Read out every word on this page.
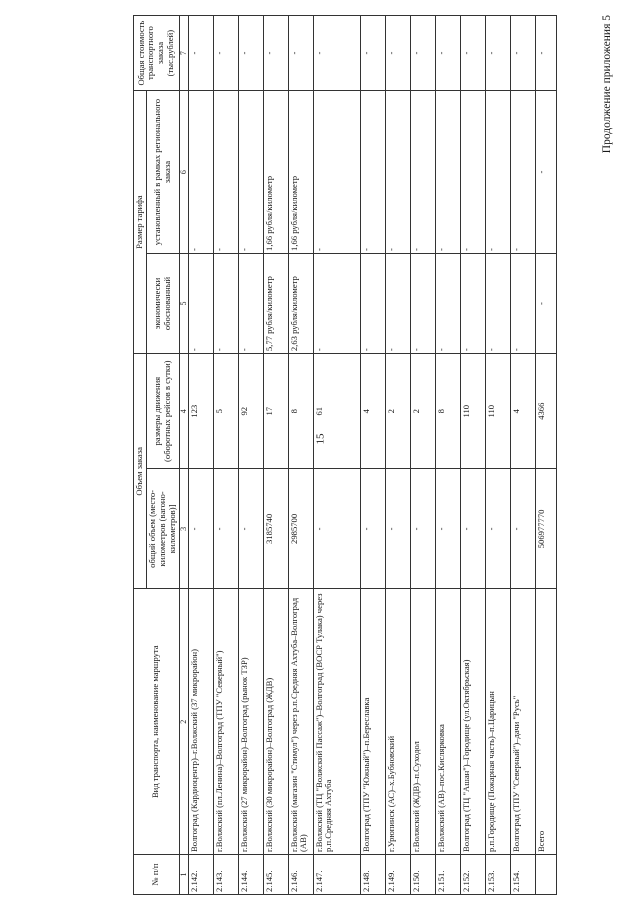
15
Продолжение приложения 5
№ п/п	Вид транспорта, наименование маршрута	Объем заказа		Размер тарифа		Общая стоимость транспортного заказа (тыс.рублей)
		общий объем (место-километров (вагоно-километров)]	размеры движения (оборотных рейсов в сутки)	экономически обоснованный	установленный в рамках регионального заказа	
1	2	3	4	5	6	7
2.142.	Волгоград (Кардиоцентр)–г.Волжский (37 микрорайон)	-	123	-	-	-
2.143.	г.Волжский (пл.Ленина)–Волгоград (ТПУ "Северный")	-	5	-	-	-
2.144.	г.Волжский (27 микрорайон)–Волгоград (рынок ТЗР)	-	92	-	-	-
2.145.	г.Волжский (30 микрорайон)–Волгоград (ЖДВ)	3185740	17	5,77 рубля/километр	1,66 рубля/километр	-
2.146.	г.Волжский (магазин "Стимул") через р.п.Средняя Ахтуба–Волгоград (АВ)	2985700	8	2,63 рубля/километр	1,66 рубля/километр	-
2.147.	г.Волжский (ТЦ "Волжский Пассаж")–Волгоград (ВОСР Тулака) через р.п.Средняя Ахтуба	-	61	-	-	-
2.148.	Волгоград (ТПУ "Южный")–п.Береславка	-	4	-	-	-
2.149.	г.Урюпинск (АС)–х.Бубновский	-	2	-	-	-
2.150.	г.Волжский (ЖДВ)–п.Суходол	-	2	-	-	-
2.151.	г.Волжский (АВ)–пос.Кислярковка	-	8	-	-	-
2.152.	Волгоград (ТЦ "Ашан")–Городище (ул.Октябрьская)	-	110	-	-	-
2.153.	р.п.Городище (Пожарная часть)–п.Царицын	-	110	-	-	-
2.154.	Волгоград (ТПУ "Северный")–дачи "Русь"	-	4	-	-	-
	Всего	506977770	4366	-	-	-
